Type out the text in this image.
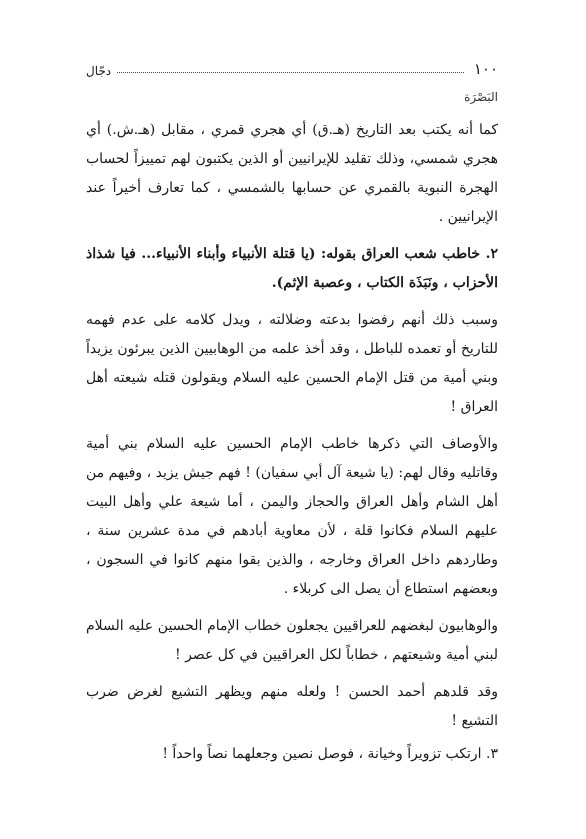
١٠٠
دجّال
البَصْرَة

كما أنه يكتب بعد التاريخ (هـ.ق) أي هجري قمري ، مقابل (هـ.ش.) أي هجري شمسي، وذلك تقليد للإيرانيين أو الذين يكتبون لهم تمييزاً لحساب الهجرة النبوية بالقمري عن حسابها بالشمسي ، كما تعارف أخيراً عند الإيرانيين .

٢. خاطب شعب العراق بقوله: (يا قتلة الأنبياء وأبناء الأنبياء... فيا شذاذ الأحزاب ، ونَبَذَة الكتاب ، وعصبة الإثم).

وسبب ذلك أنهم رفضوا بدعته وضلالته ، ويدل كلامه على عدم فهمه للتاريخ أو تعمده للباطل ، وقد أخذ علمه من الوهابيين الذين يبرئون يزيداً وبني أمية من قتل الإمام الحسين عليه السلام ويقولون قتله شيعته أهل العراق !

والأوصاف التي ذكرها خاطب الإمام الحسين عليه السلام بني أمية وقاتليه وقال لهم: (يا شيعة آل أبي سفيان) ! فهم جيش يزيد ، وفيهم من أهل الشام وأهل العراق والحجاز واليمن ، أما شيعة علي وأهل البيت عليهم السلام فكانوا قلة ، لأن معاوية أبادهم في مدة عشرين سنة ، وطاردهم داخل العراق وخارجه ، والذين بقوا منهم كانوا في السجون ، وبعضهم استطاع أن يصل الى كربلاء .

والوهابيون لبغضهم للعراقيين يجعلون خطاب الإمام الحسين عليه السلام لبني أمية وشيعتهم ، خطاباً لكل العراقيين في كل عصر !

وقد قلدهم أحمد الحسن ! ولعله منهم ويظهر التشيع لغرض ضرب التشيع !

٣. ارتكب تزويراً وخيانة ، فوصل نصين وجعلهما نصاً واحداً !
